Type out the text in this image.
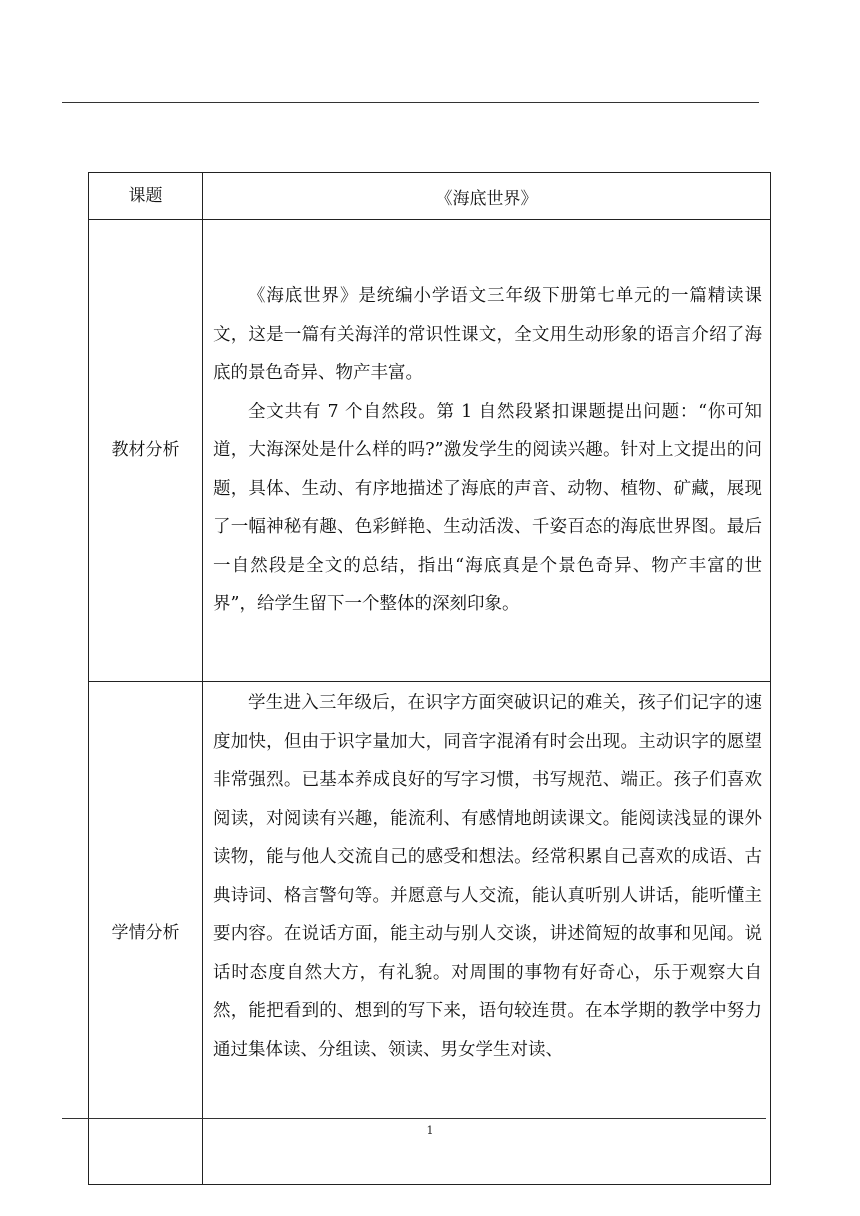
课题	《海底世界》
教材分析	《海底世界》是统编小学语文三年级下册第七单元的一篇精读课文，这是一篇有关海洋的常识性课文，全文用生动形象的语言介绍了海底的景色奇异、物产丰富。

全文共有 7 个自然段。第 1 自然段紧扣课题提出问题：“你可知道，大海深处是什么样的吗?”激发学生的阅读兴趣。针对上文提出的问题，具体、生动、有序地描述了海底的声音、动物、植物、矿藏，展现了一幅神秘有趣、色彩鲜艳、生动活泼、千姿百态的海底世界图。最后一自然段是全文的总结，指出“海底真是个景色奇异、物产丰富的世界”，给学生留下一个整体的深刻印象。

学情分析	学生进入三年级后，在识字方面突破识记的难关，孩子们记字的速度加快，但由于识字量加大，同音字混淆有时会出现。主动识字的愿望非常强烈。已基本养成良好的写字习惯，书写规范、端正。孩子们喜欢阅读，对阅读有兴趣，能流利、有感情地朗读课文。能阅读浅显的课外读物，能与他人交流自己的感受和想法。经常积累自己喜欢的成语、古典诗词、格言警句等。并愿意与人交流，能认真听别人讲话，能听懂主要内容。在说话方面，能主动与别人交谈，讲述简短的故事和见闻。说话时态度自然大方，有礼貌。对周围的事物有好奇心，乐于观察大自然，能把看到的、想到的写下来，语句较连贯。在本学期的教学中努力通过集体读、分组读、领读、男女学生对读、

1
